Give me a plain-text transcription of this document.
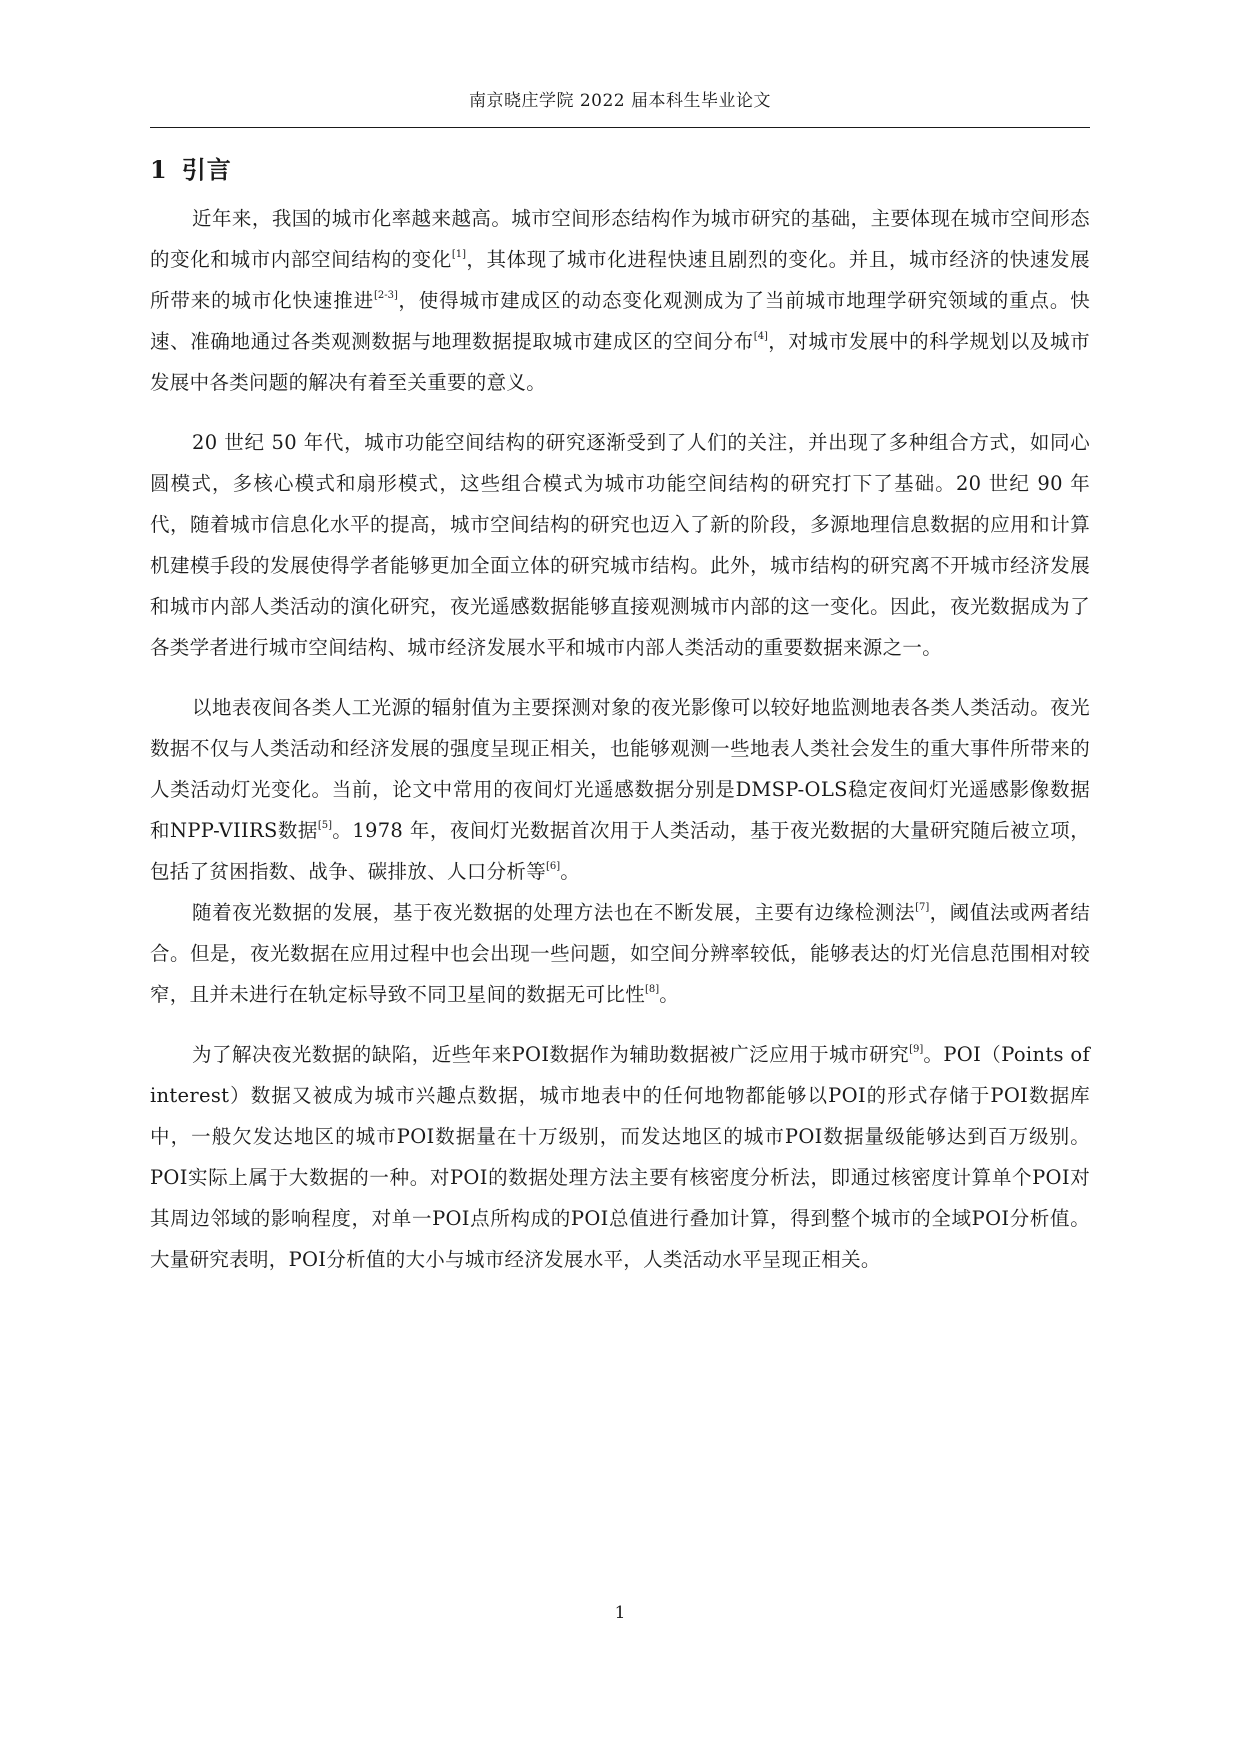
南京晓庄学院 2022 届本科生毕业论文
1 引言

近年来，我国的城市化率越来越高。城市空间形态结构作为城市研究的基础，主要体现在城市空间形态的变化和城市内部空间结构的变化[1]，其体现了城市化进程快速且剧烈的变化。并且，城市经济的快速发展所带来的城市化快速推进[2-3]，使得城市建成区的动态变化观测成为了当前城市地理学研究领域的重点。快速、准确地通过各类观测数据与地理数据提取城市建成区的空间分布[4]，对城市发展中的科学规划以及城市发展中各类问题的解决有着至关重要的意义。

20 世纪 50 年代，城市功能空间结构的研究逐渐受到了人们的关注，并出现了多种组合方式，如同心圆模式，多核心模式和扇形模式，这些组合模式为城市功能空间结构的研究打下了基础。20 世纪 90 年代，随着城市信息化水平的提高，城市空间结构的研究也迈入了新的阶段，多源地理信息数据的应用和计算机建模手段的发展使得学者能够更加全面立体的研究城市结构。此外，城市结构的研究离不开城市经济发展和城市内部人类活动的演化研究，夜光遥感数据能够直接观测城市内部的这一变化。因此，夜光数据成为了各类学者进行城市空间结构、城市经济发展水平和城市内部人类活动的重要数据来源之一。

以地表夜间各类人工光源的辐射值为主要探测对象的夜光影像可以较好地监测地表各类人类活动。夜光数据不仅与人类活动和经济发展的强度呈现正相关，也能够观测一些地表人类社会发生的重大事件所带来的人类活动灯光变化。当前，论文中常用的夜间灯光遥感数据分别是DMSP-OLS稳定夜间灯光遥感影像数据和NPP-VIIRS数据[5]。1978 年，夜间灯光数据首次用于人类活动，基于夜光数据的大量研究随后被立项，包括了贫困指数、战争、碳排放、人口分析等[6]。

随着夜光数据的发展，基于夜光数据的处理方法也在不断发展，主要有边缘检测法[7]，阈值法或两者结合。但是，夜光数据在应用过程中也会出现一些问题，如空间分辨率较低，能够表达的灯光信息范围相对较窄，且并未进行在轨定标导致不同卫星间的数据无可比性[8]。

为了解决夜光数据的缺陷，近些年来POI数据作为辅助数据被广泛应用于城市研究[9]。POI（Points of interest）数据又被成为城市兴趣点数据，城市地表中的任何地物都能够以POI的形式存储于POI数据库中，一般欠发达地区的城市POI数据量在十万级别，而发达地区的城市POI数据量级能够达到百万级别。POI实际上属于大数据的一种。对POI的数据处理方法主要有核密度分析法，即通过核密度计算单个POI对其周边邻域的影响程度，对单一POI点所构成的POI总值进行叠加计算，得到整个城市的全域POI分析值。大量研究表明，POI分析值的大小与城市经济发展水平，人类活动水平呈现正相关。

1
